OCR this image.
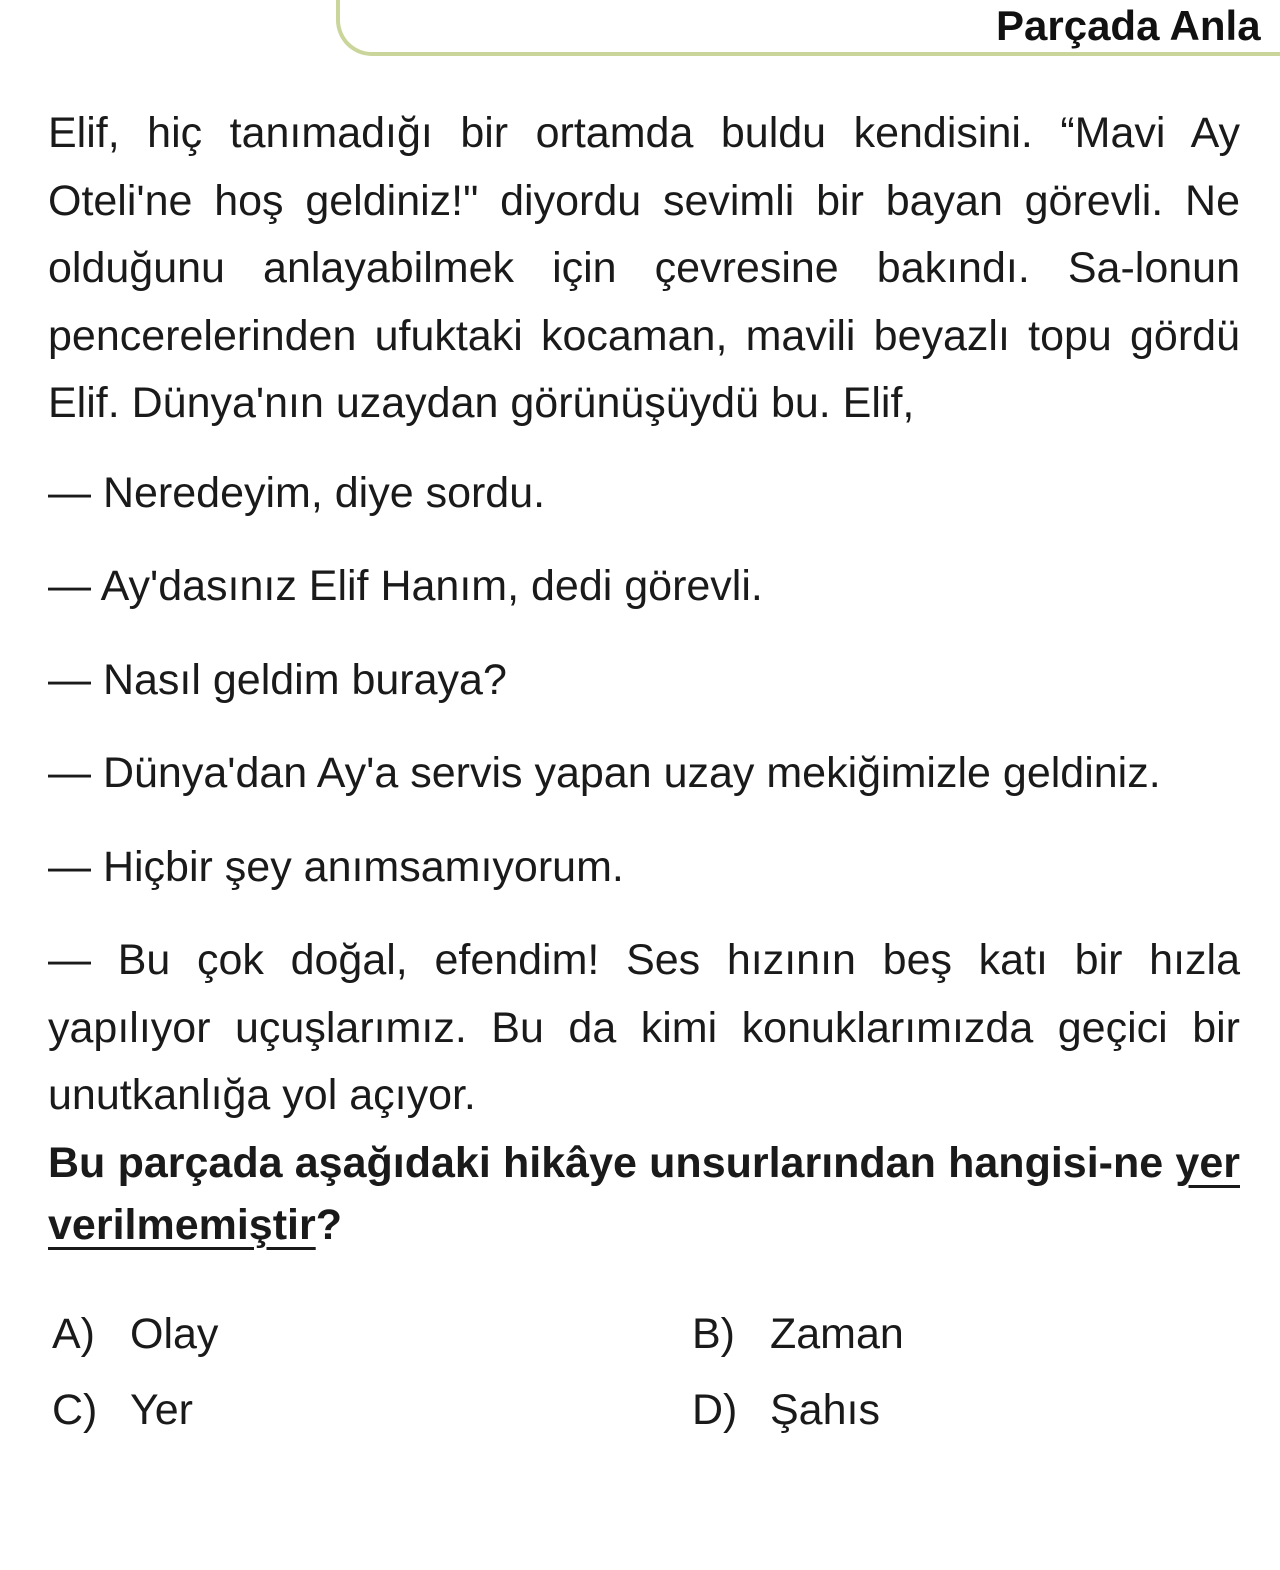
Parçada Anla

Elif, hiç tanımadığı bir ortamda buldu kendisini. “Mavi Ay Oteli'ne hoş geldiniz!" diyordu sevimli bir bayan görevli. Ne olduğunu anlayabilmek için çevresine bakındı. Sa-lonun pencerelerinden ufuktaki kocaman, mavili beyazlı topu gördü Elif. Dünya'nın uzaydan görünüşüydü bu. Elif,

— Neredeyim, diye sordu.

— Ay'dasınız Elif Hanım, dedi görevli.

— Nasıl geldim buraya?

— Dünya'dan Ay'a servis yapan uzay mekiğimizle geldiniz.

— Hiçbir şey anımsamıyorum.

— Bu çok doğal, efendim! Ses hızının beş katı bir hızla yapılıyor uçuşlarımız. Bu da kimi konuklarımızda geçici bir unutkanlığa yol açıyor.

Bu parçada aşağıdaki hikâye unsurlarından hangisi-ne yer verilmemiştir?

A) Olay	B) Zaman
C) Yer	D) Şahıs
